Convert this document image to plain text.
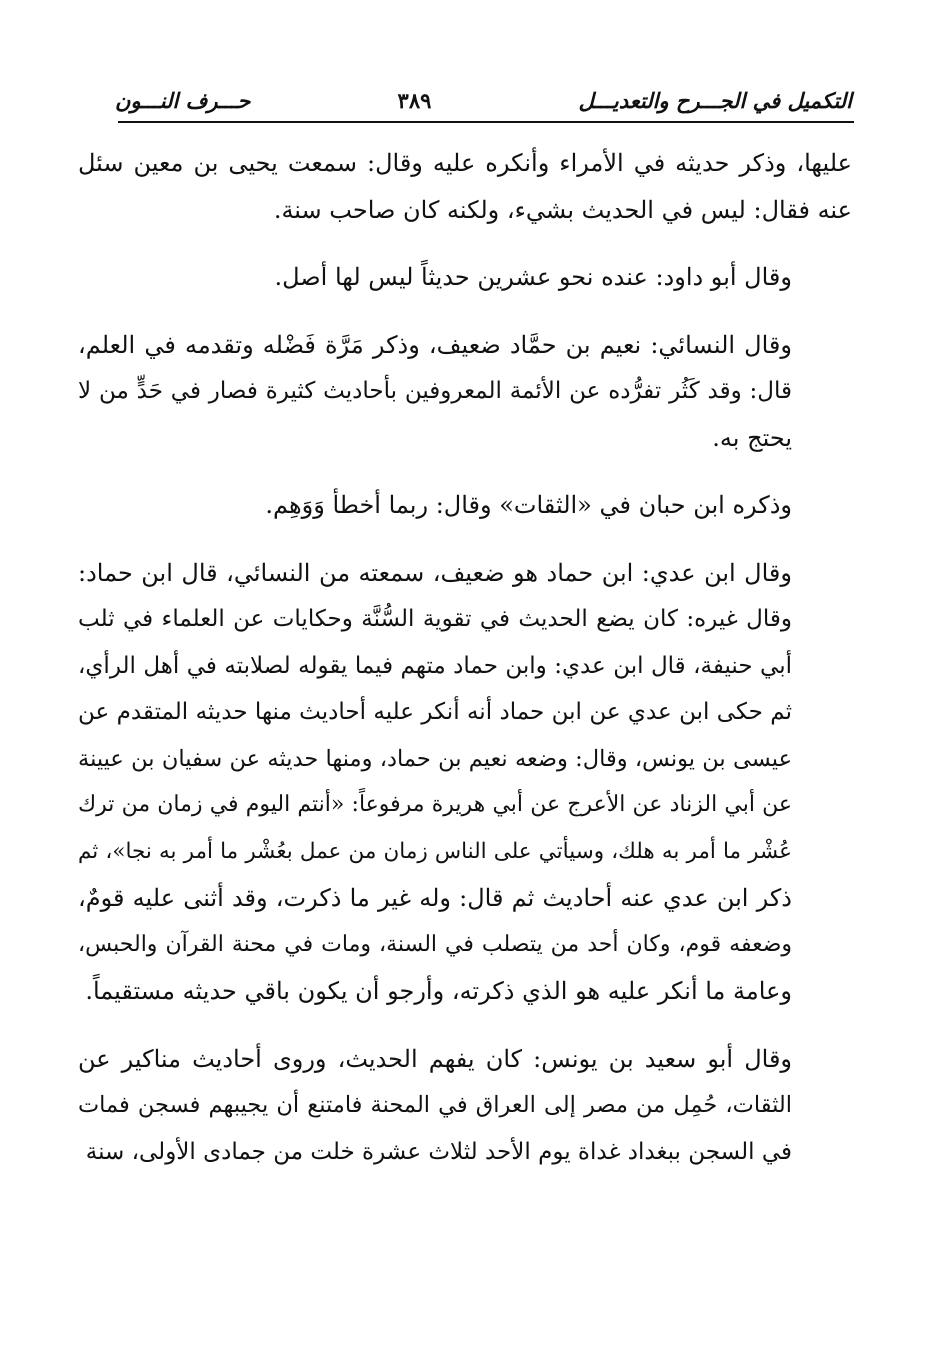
التكميل في الجـــرح والتعديـــل
٣٨٩
حـــرف النـــون
عليها، وذكر حديثه في الأمراء وأنكره عليه وقال: سمعت يحيى بن معين سئل
عنه فقال: ليس في الحديث بشيء، ولكنه كان صاحب سنة.
وقال أبو داود: عنده نحو عشرين حديثاً ليس لها أصل.
وقال النسائي: نعيم بن حمَّاد ضعيف، وذكر مَرَّة فَضْله وتقدمه في العلم،
قال: وقد كَثُر تفرُّده عن الأئمة المعروفين بأحاديث كثيرة فصار في حَدٍّ من لا
يحتج به.
وذكره ابن حبان في «الثقات» وقال: ربما أخطأ وَوَهِم.
وقال ابن عدي: ابن حماد هو ضعيف، سمعته من النسائي، قال ابن حماد:
وقال غيره: كان يضع الحديث في تقوية السُّنَّة وحكايات عن العلماء في ثلب
أبي حنيفة، قال ابن عدي: وابن حماد متهم فيما يقوله لصلابته في أهل الرأي،
ثم حكى ابن عدي عن ابن حماد أنه أنكر عليه أحاديث منها حديثه المتقدم عن
عيسى بن يونس، وقال: وضعه نعيم بن حماد، ومنها حديثه عن سفيان بن عيينة
عن أبي الزناد عن الأعرج عن أبي هريرة مرفوعاً: «أنتم اليوم في زمان من ترك
عُشْر ما أمر به هلك، وسيأتي على الناس زمان من عمل بعُشْر ما أمر به نجا»، ثم
ذكر ابن عدي عنه أحاديث ثم قال: وله غير ما ذكرت، وقد أثنى عليه قومٌ،
وضعفه قوم، وكان أحد من يتصلب في السنة، ومات في محنة القرآن والحبس،
وعامة ما أنكر عليه هو الذي ذكرته، وأرجو أن يكون باقي حديثه مستقيماً.
وقال أبو سعيد بن يونس: كان يفهم الحديث، وروى أحاديث مناكير عن
الثقات، حُمِل من مصر إلى العراق في المحنة فامتنع أن يجيبهم فسجن فمات
في السجن ببغداد غداة يوم الأحد لثلاث عشرة خلت من جمادى الأولى، سنة
